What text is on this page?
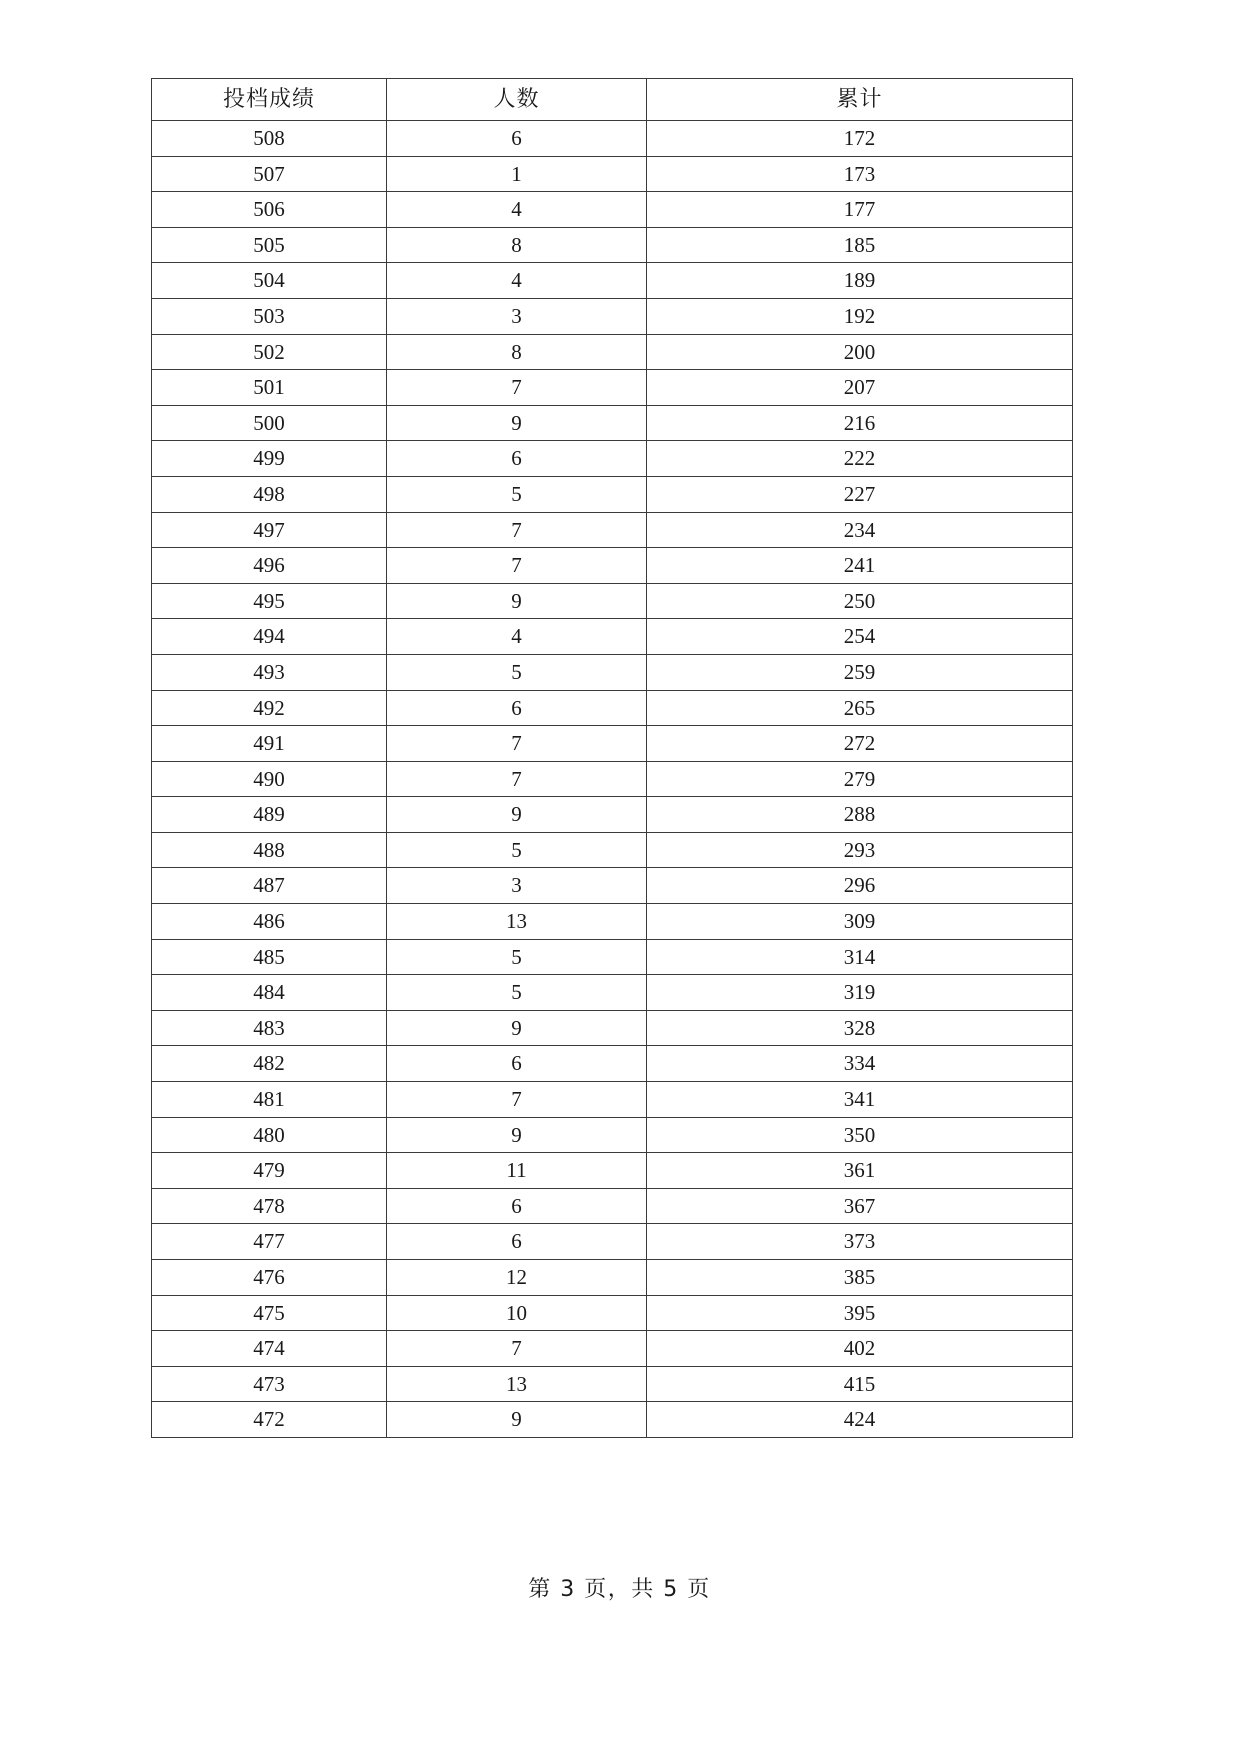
投档成绩	人数	累计
508	6	172
507	1	173
506	4	177
505	8	185
504	4	189
503	3	192
502	8	200
501	7	207
500	9	216
499	6	222
498	5	227
497	7	234
496	7	241
495	9	250
494	4	254
493	5	259
492	6	265
491	7	272
490	7	279
489	9	288
488	5	293
487	3	296
486	13	309
485	5	314
484	5	319
483	9	328
482	6	334
481	7	341
480	9	350
479	11	361
478	6	367
477	6	373
476	12	385
475	10	395
474	7	402
473	13	415
472	9	424
第 3 页，共 5 页
